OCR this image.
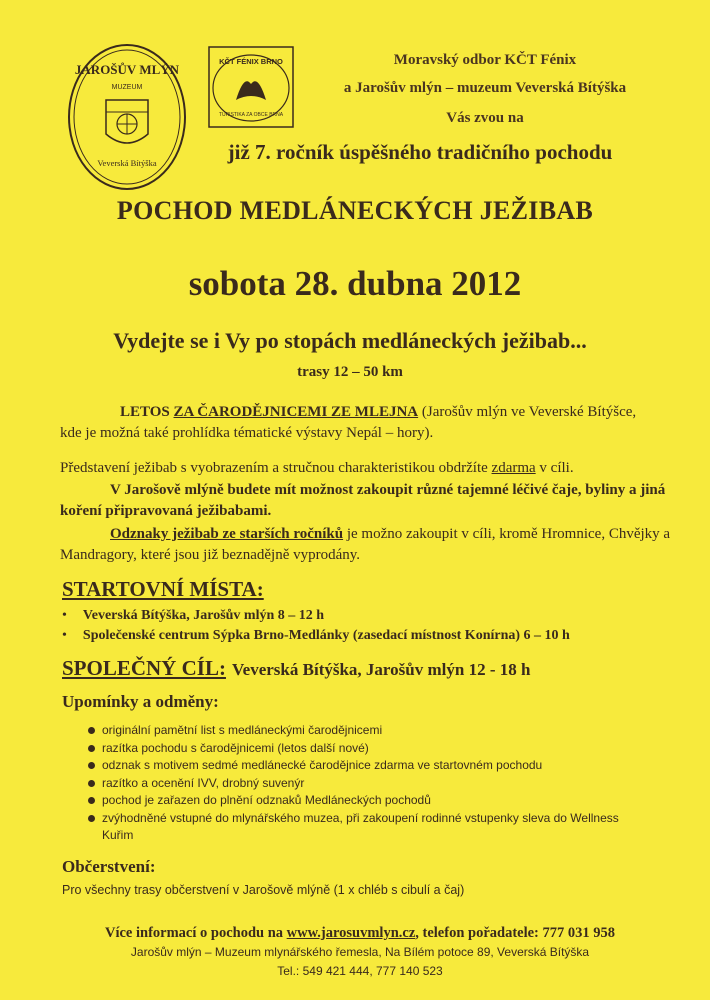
JAROŠŮV MLÝN
MUZEUM
Veverská Bítýška
KČT FÉNIX BRNO
TURISTIKA ZA OBCE BRNA
Moravský odbor KČT Fénix
a Jarošův mlýn – muzeum Veverská Bítýška
Vás zvou na
již 7. ročník úspěšného tradičního pochodu
POCHOD MEDLÁNECKÝCH JEŽIBAB
sobota 28. dubna 2012
Vydejte se i Vy po stopách medláneckých ježibab...
trasy 12 – 50 km
LETOS ZA ČARODĚJNICEMI ZE MLEJNA (Jarošův mlýn ve Veverské Bítýšce, kde je možná také prohlídka tématické výstavy Nepál – hory).
Představení ježibab s vyobrazením a stručnou charakteristikou obdržíte zdarma v cíli.
V Jarošově mlýně budete mít možnost zakoupit různé tajemné léčivé čaje, byliny a jiná koření připravovaná ježibabami.
Odznaky ježibab ze starších ročníků je možno zakoupit v cíli, kromě Hromnice, Chvějky a Mandragory, které jsou již beznadějně vyprodány.
STARTOVNÍ MÍSTA:
• Veverská Bítýška, Jarošův mlýn 8 – 12 h
• Společenské centrum Sýpka Brno-Medlánky (zasedací místnost Konírna) 6 – 10 h
SPOLEČNÝ CÍL: Veverská Bítýška, Jarošův mlýn 12 - 18 h
Upomínky a odměny:
originální pamětní list s medláneckými čarodějnicemi
razítka pochodu s čarodějnicemi (letos další nové)
odznak s motivem sedmé medlánecké čarodějnice zdarma ve startovném pochodu
razítko a ocenění IVV, drobný suvenýr
pochod je zařazen do plnění odznaků Medláneckých pochodů
zvýhodněné vstupné do mlynářského muzea, při zakoupení rodinné vstupenky sleva do Wellness Kuřim
Občerstvení:
Pro všechny trasy občerstvení v Jarošově mlýně (1 x chléb s cibulí a čaj)
Více informací o pochodu na www.jarosuvmlyn.cz, telefon pořadatele: 777 031 958
Jarošův mlýn – Muzeum mlynářského řemesla, Na Bílém potoce 89, Veverská Bítýška
Tel.: 549 421 444, 777 140 523
